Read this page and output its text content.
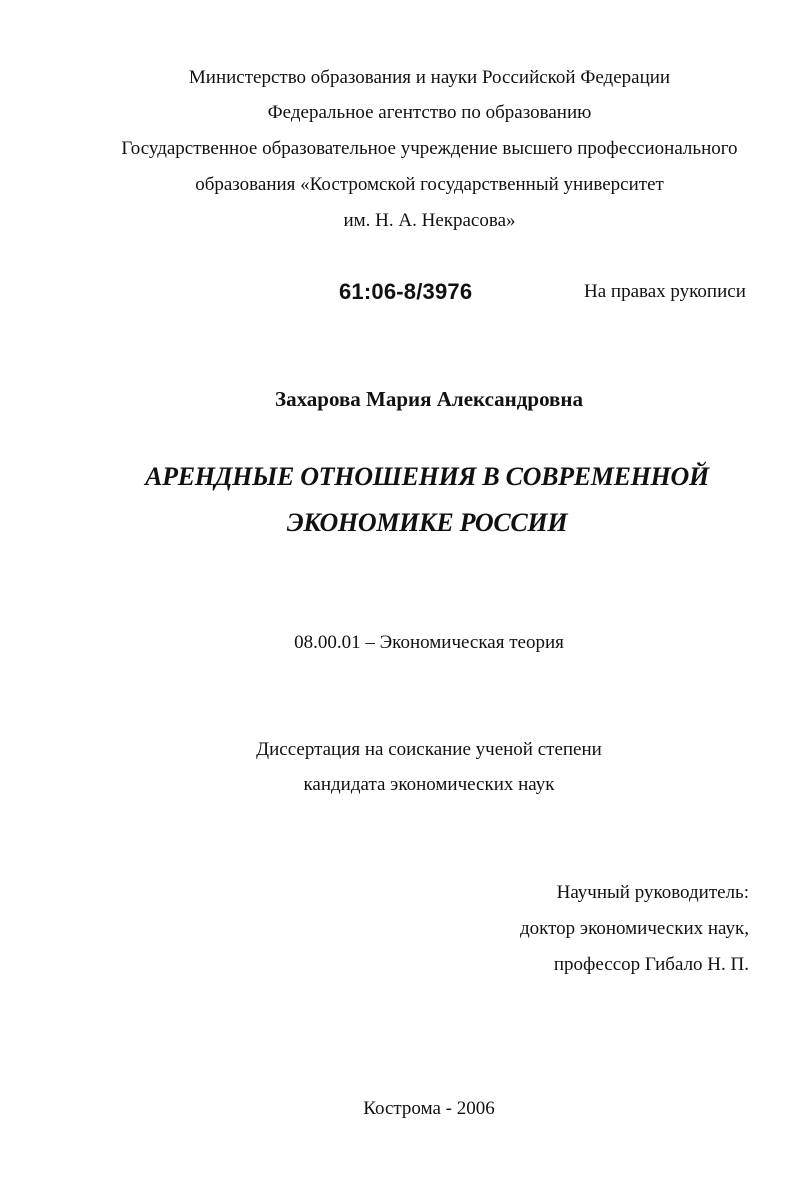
Министерство образования и науки Российской Федерации
Федеральное агентство по образованию
Государственное образовательное учреждение высшего профессионального
образования «Костромской государственный университет
им. Н. А. Некрасова»
61:06-8/3976	На правах рукописи
Захарова Мария Александровна
АРЕНДНЫЕ ОТНОШЕНИЯ В СОВРЕМЕННОЙ
ЭКОНОМИКЕ РОССИИ
08.00.01 – Экономическая теория
Диссертация на соискание ученой степени
кандидата экономических наук
Научный руководитель:
доктор экономических наук,
профессор Гибало Н. П.
Кострома - 2006
